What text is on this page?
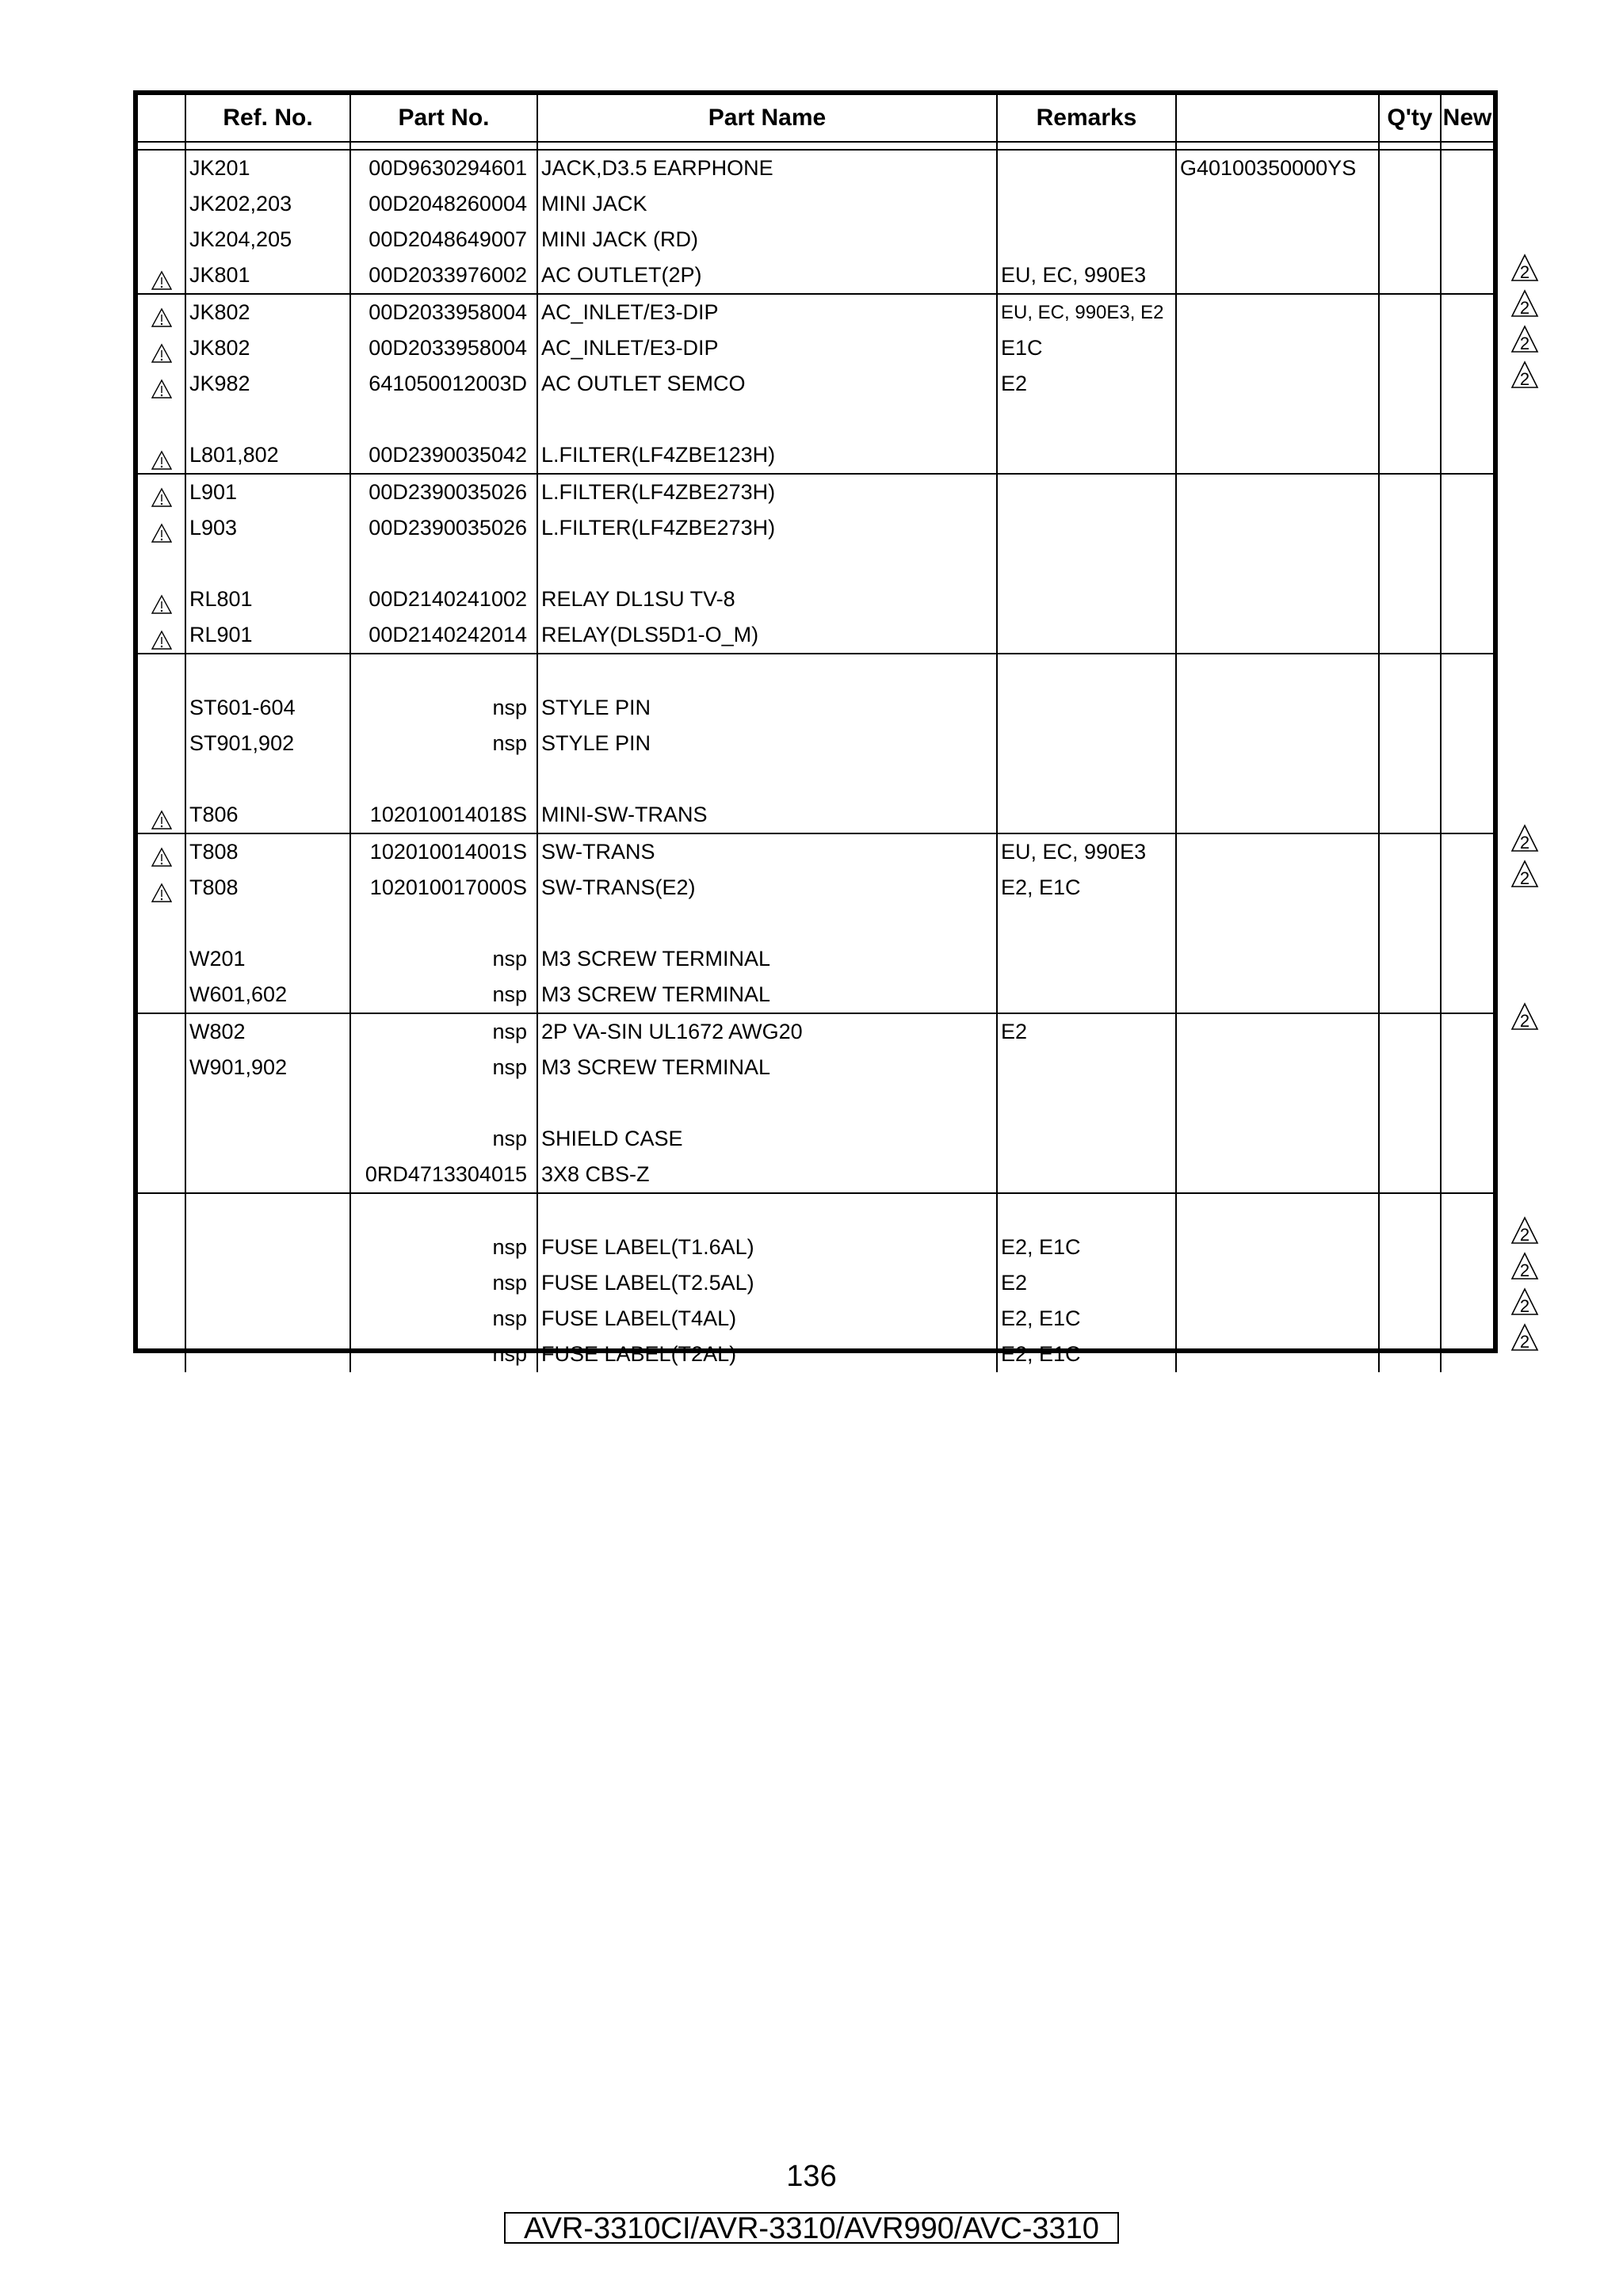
	Ref. No.	Part No.	Part Name	Remarks		Q'ty	New

	JK201	00D9630294601	JACK,D3.5 EARPHONE		G40100350000YS		
	JK202,203	00D2048260004	MINI JACK				
	JK204,205	00D2048649007	MINI JACK (RD)				
	JK801	00D2033976002	AC OUTLET(2P)	EU, EC, 990E3			
	JK802	00D2033958004	AC_INLET/E3-DIP	EU, EC, 990E3, E2			
	JK802	00D2033958004	AC_INLET/E3-DIP	E1C			
	JK982	641050012003D	AC OUTLET SEMCO	E2			

	L801,802	00D2390035042	L.FILTER(LF4ZBE123H)				
	L901	00D2390035026	L.FILTER(LF4ZBE273H)				
	L903	00D2390035026	L.FILTER(LF4ZBE273H)				

	RL801	00D2140241002	RELAY DL1SU TV-8				
	RL901	00D2140242014	RELAY(DLS5D1-O_M)				

	ST601-604	nsp	STYLE PIN				
	ST901,902	nsp	STYLE PIN				

	T806	102010014018S	MINI-SW-TRANS				
	T808	102010014001S	SW-TRANS	EU, EC, 990E3			
	T808	102010017000S	SW-TRANS(E2)	E2, E1C			

	W201	nsp	M3 SCREW TERMINAL				
	W601,602	nsp	M3 SCREW TERMINAL				
	W802	nsp	2P VA-SIN UL1672 AWG20	E2			
	W901,902	nsp	M3 SCREW TERMINAL				

		nsp	SHIELD CASE				
		0RD4713304015	3X8 CBS-Z				

		nsp	FUSE LABEL(T1.6AL)	E2, E1C			
		nsp	FUSE LABEL(T2.5AL)	E2			
		nsp	FUSE LABEL(T4AL)	E2, E1C			
		nsp	FUSE LABEL(T2AL)	E2, E1C			
2
2
2
2
2
2
2
2
2
2
2
136
AVR-3310CI/AVR-3310/AVR990/AVC-3310
